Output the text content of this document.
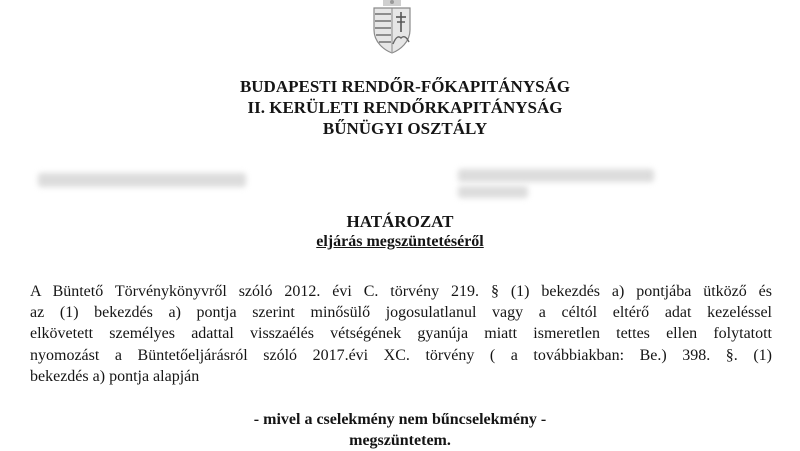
BUDAPESTI RENDŐR-FŐKAPITÁNYSÁG
II. KERÜLETI RENDŐRKAPITÁNYSÁG
BŰNÜGYI OSZTÁLY
HATÁROZAT
eljárás megszüntetéséről
A Büntető Törvénykönyvről szóló 2012. évi C. törvény 219. § (1) bekezdés a) pontjába ütköző és
az (1) bekezdés a) pontja szerint minősülő jogosulatlanul vagy a céltól eltérő adat kezeléssel
elkövetett személyes adattal visszaélés vétségének gyanúja miatt ismeretlen tettes ellen folytatott
nyomozást a Büntetőeljárásról szóló 2017.évi XC. törvény ( a továbbiakban: Be.) 398. §. (1)
bekezdés a) pontja alapján
- mivel a cselekmény nem bűncselekmény -
megszüntetem.
